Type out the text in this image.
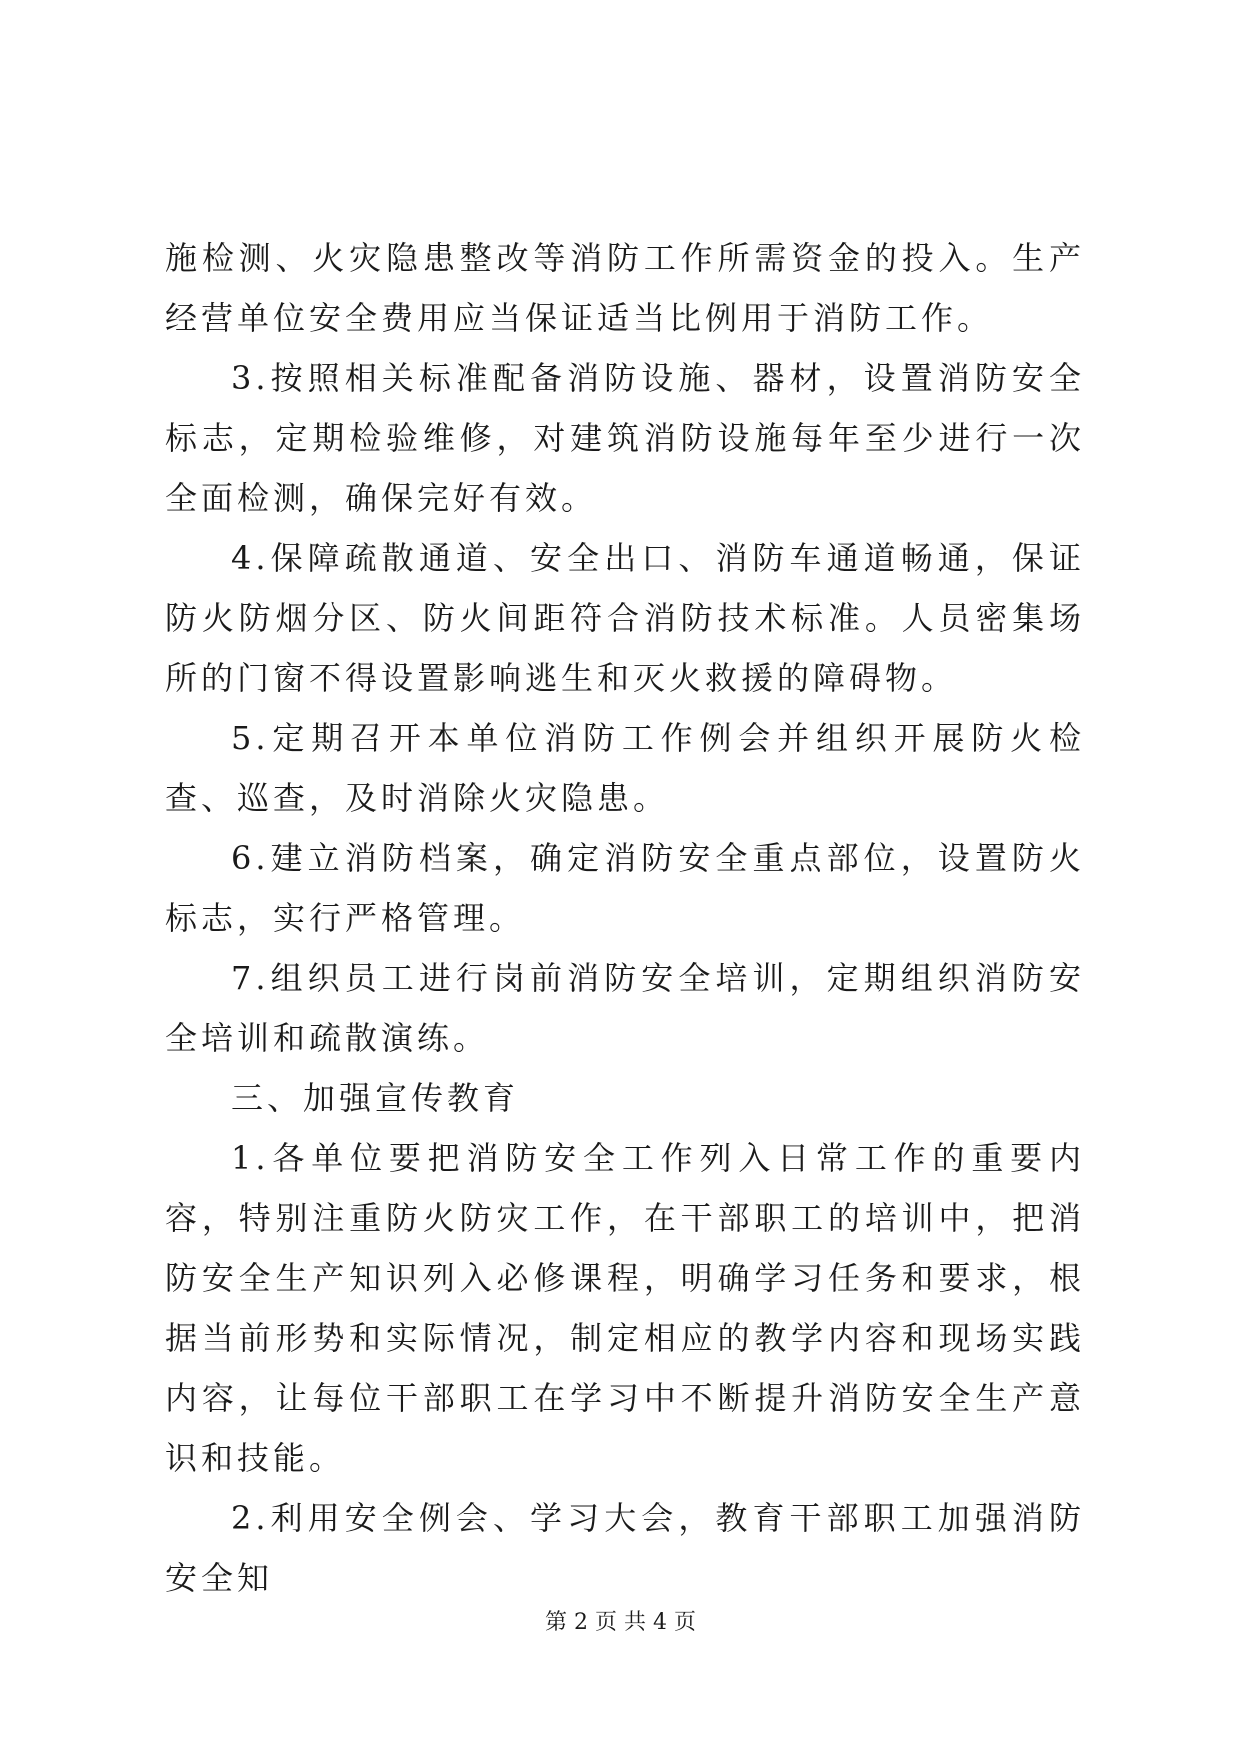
施检测、火灾隐患整改等消防工作所需资金的投入。生产经营单位安全费用应当保证适当比例用于消防工作。

3.按照相关标准配备消防设施、器材，设置消防安全标志，定期检验维修，对建筑消防设施每年至少进行一次全面检测，确保完好有效。

4.保障疏散通道、安全出口、消防车通道畅通，保证防火防烟分区、防火间距符合消防技术标准。人员密集场所的门窗不得设置影响逃生和灭火救援的障碍物。

5.定期召开本单位消防工作例会并组织开展防火检查、巡查，及时消除火灾隐患。

6.建立消防档案，确定消防安全重点部位，设置防火标志，实行严格管理。

7.组织员工进行岗前消防安全培训，定期组织消防安全培训和疏散演练。

三、加强宣传教育

1.各单位要把消防安全工作列入日常工作的重要内容，特别注重防火防灾工作，在干部职工的培训中，把消防安全生产知识列入必修课程，明确学习任务和要求，根据当前形势和实际情况，制定相应的教学内容和现场实践内容，让每位干部职工在学习中不断提升消防安全生产意识和技能。

2.利用安全例会、学习大会，教育干部职工加强消防安全知

第 2 页 共 4 页
